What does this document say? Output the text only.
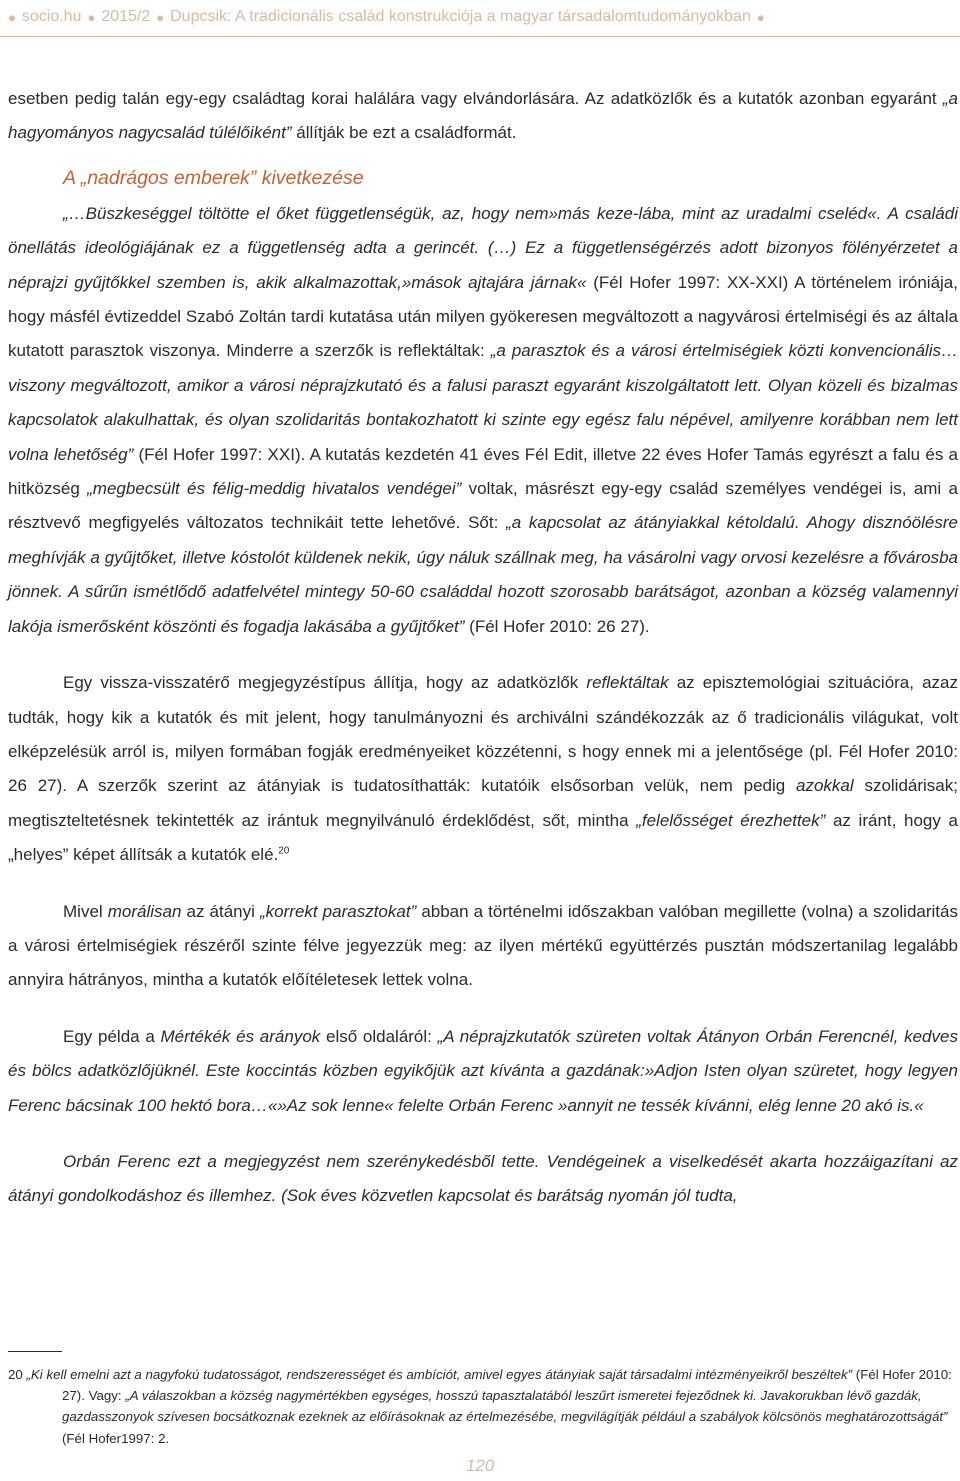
● socio.hu ● 2015/2 ● Dupcsik: A tradicionális család konstrukciója a magyar társadalomtudományokban ●

esetben pedig talán egy-egy családtag korai halálára vagy elvándorlására. Az adatközlők és a kutatók azonban egyaránt „a hagyományos nagycsalád túlélőiként” állítják be ezt a családformát.

A „nadrágos emberek” kivetkezése

„…Büszkeséggel töltötte el őket függetlenségük, az, hogy nem»más keze-lába, mint az uradalmi cseléd«. A családi önellátás ideológiájának ez a függetlenség adta a gerincét. (…) Ez a függetlenségérzés adott bizonyos fölényérzetet a néprajzi gyűjtőkkel szemben is, akik alkalmazottak,»mások ajtajára járnak« (Fél Hofer 1997: XX-XXI) A történelem iróniája, hogy másfél évtizeddel Szabó Zoltán tardi kutatása után milyen gyökeresen megváltozott a nagyvárosi értelmiségi és az általa kutatott parasztok viszonya. Minderre a szerzők is reflektáltak: „a parasztok és a városi értelmiségiek közti konvencionális… viszony megváltozott, amikor a városi néprajzkutató és a falusi paraszt egyaránt kiszolgáltatott lett. Olyan közeli és bizalmas kapcsolatok alakulhattak, és olyan szolidaritás bontakozhatott ki szinte egy egész falu népével, amilyenre korábban nem lett volna lehetőség” (Fél Hofer 1997: XXI). A kutatás kezdetén 41 éves Fél Edit, illetve 22 éves Hofer Tamás egyrészt a falu és a hitközség „megbecsült és félig-meddig hivatalos vendégei” voltak, másrészt egy-egy család személyes vendégei is, ami a résztvevő megfigyelés változatos technikáit tette lehetővé. Sőt: „a kapcsolat az átányiakkal kétoldalú. Ahogy disznóölésre meghívják a gyűjtőket, illetve kóstolót küldenek nekik, úgy náluk szállnak meg, ha vásárolni vagy orvosi kezelésre a fővárosba jönnek. A sűrűn ismétlődő adatfelvétel mintegy 50-60 családdal hozott szorosabb barátságot, azonban a község valamennyi lakója ismerősként köszönti és fogadja lakásába a gyűjtőket” (Fél Hofer 2010: 26 27).

Egy vissza-visszatérő megjegyzéstípus állítja, hogy az adatközlők reflektáltak az episztemológiai szituációra, azaz tudták, hogy kik a kutatók és mit jelent, hogy tanulmányozni és archiválni szándékozzák az ő tradicionális világukat, volt elképzelésük arról is, milyen formában fogják eredményeiket közzétenni, s hogy ennek mi a jelentősége (pl. Fél Hofer 2010: 26 27). A szerzők szerint az átányiak is tudatosíthatták: kutatóik elsősorban velük, nem pedig azokkal szolidárisak; megtiszteltetésnek tekintették az irántuk megnyilvánuló érdeklődést, sőt, mintha „felelősséget érezhettek” az iránt, hogy a „helyes” képet állítsák a kutatók elé.$^{20}$

Mivel morálisan az átányi „korrekt parasztokat” abban a történelmi időszakban valóban megillette (volna) a szolidaritás a városi értelmiségiek részéről szinte félve jegyezzük meg: az ilyen mértékű együttérzés pusztán módszertanilag legalább annyira hátrányos, mintha a kutatók előítéletesek lettek volna.

Egy példa a Mértékék és arányok első oldaláról: „A néprajzkutatók szüreten voltak Átányon Orbán Ferencnél, kedves és bölcs adatközlőjüknél. Este koccintás közben egyikőjük azt kívánta a gazdának:»Adjon Isten olyan szüretet, hogy legyen Ferenc bácsinak 100 hektó bora…«»Az sok lenne« felelte Orbán Ferenc »annyit ne tessék kívánni, elég lenne 20 akó is.«

Orbán Ferenc ezt a megjegyzést nem szerénykedésből tette. Vendégeinek a viselkedését akarta hozzáigazítani az átányi gondolkodáshoz és illemhez. (Sok éves közvetlen kapcsolat és barátság nyomán jól tudta,

20 „Ki kell emelni azt a nagyfokú tudatosságot, rendszerességet és ambíciót, amivel egyes átányiak saját társadalmi intézményeikről beszéltek” (Fél Hofer 2010: 27). Vagy: „A válaszokban a község nagymértékben egységes, hosszú tapasztalatából leszűrt ismeretei fejeződnek ki. Javakorukban lévő gazdák, gazdasszonyok szívesen bocsátkoznak ezeknek az előírásoknak az értelmezésébe, megvilágítják például a szabályok kölcsönös meghatározottságát” (Fél Hofer1997: 2.
120
